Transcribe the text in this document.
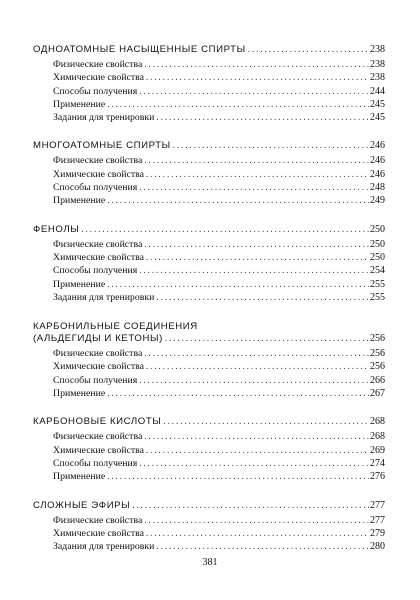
ОДНОАТОМНЫЕ НАСЫЩЕННЫЕ СПИРТЫ .....	238
Физические свойства .....	238
Химические свойства .....	238
Способы получения .....	244
Применение .....	245
Задания для тренировки .....	245
МНОГОАТОМНЫЕ СПИРТЫ .....	246
Физические свойства .....	246
Химические свойства .....	246
Способы получения .....	248
Применение .....	249
ФЕНОЛЫ .....	250
Физические свойства .....	250
Химические свойства .....	250
Способы получения .....	254
Применение .....	255
Задания для тренировки .....	255
КАРБОНИЛЬНЫЕ СОЕДИНЕНИЯ
(АЛЬДЕГИДЫ И КЕТОНЫ) .....	256
Физические свойства .....	256
Химические свойства .....	256
Способы получения .....	266
Применение .....	267
КАРБОНОВЫЕ КИСЛОТЫ .....	268
Физические свойства .....	268
Химические свойства .....	269
Способы получения .....	274
Применение .....	276
СЛОЖНЫЕ ЭФИРЫ .....	277
Физические свойства .....	277
Химические свойства .....	279
Задания для тренировки .....	280
381
